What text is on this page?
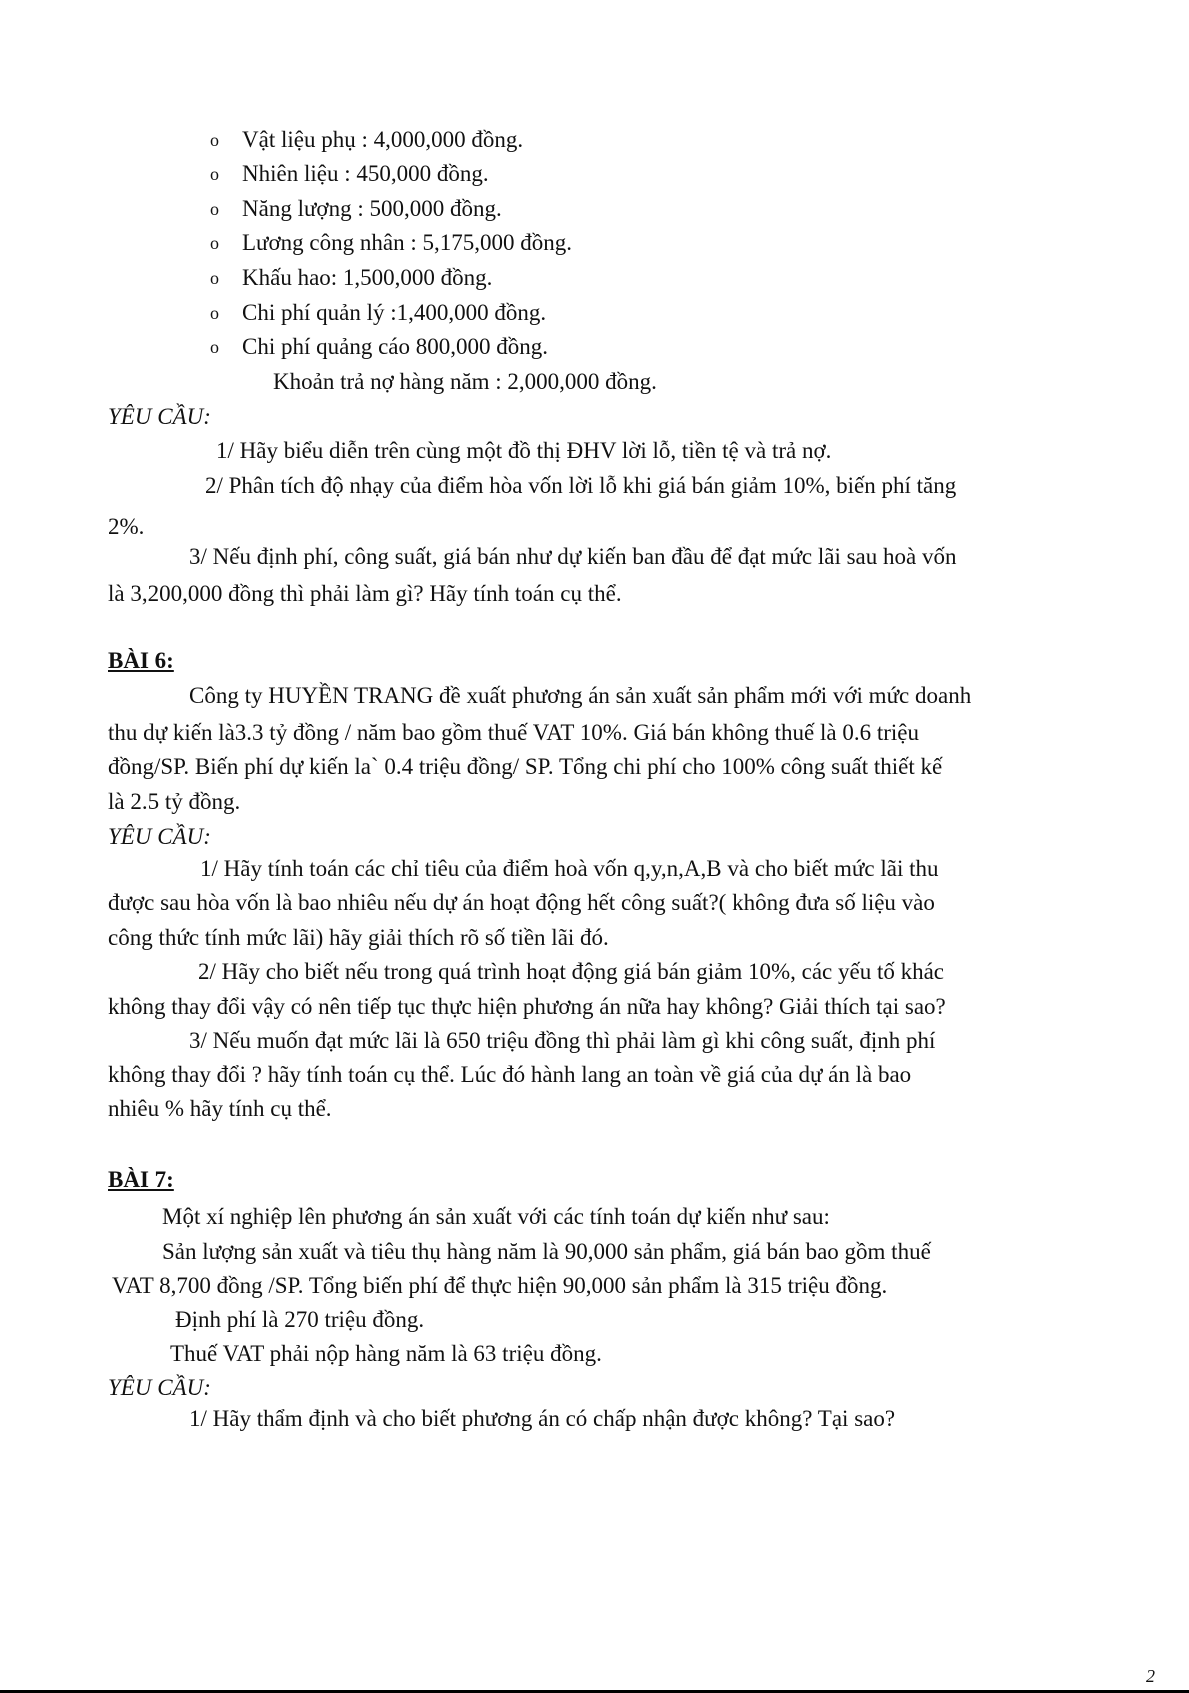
o Vật liệu phụ : 4,000,000 đồng.
o Nhiên liệu : 450,000 đồng.
o Năng lượng : 500,000 đồng.
o Lương công nhân : 5,175,000 đồng.
o Khấu hao: 1,500,000 đồng.
o Chi phí quản lý :1,400,000 đồng.
o Chi phí quảng cáo 800,000 đồng.
Khoản trả nợ hàng năm : 2,000,000 đồng.
YÊU CẦU:
1/ Hãy biểu diễn trên cùng một đồ thị ĐHV lời lỗ, tiền tệ và trả nợ.
2/ Phân tích độ nhạy của điểm hòa vốn lời lỗ khi giá bán giảm 10%, biến phí tăng
2%.
3/ Nếu định phí, công suất, giá bán như dự kiến ban đầu để đạt mức lãi sau hoà vốn
là 3,200,000 đồng thì phải làm gì? Hãy tính toán cụ thể.
BÀI 6:
Công ty HUYỀN TRANG đề xuất phương án sản xuất sản phẩm mới với mức doanh
thu dự kiến là3.3 tỷ đồng / năm bao gồm thuế VAT 10%. Giá bán không thuế là 0.6 triệu
đồng/SP. Biến phí dự kiến la` 0.4 triệu đồng/ SP. Tổng chi phí cho 100% công suất thiết kế
là 2.5 tỷ đồng.
YÊU CẦU:
1/ Hãy tính toán các chỉ tiêu của điểm hoà vốn q,y,n,A,B và cho biết mức lãi thu
được sau hòa vốn là bao nhiêu nếu dự án hoạt động hết công suất?( không đưa số liệu vào
công thức tính mức lãi) hãy giải thích rõ số tiền lãi đó.
2/ Hãy cho biết nếu trong quá trình hoạt động giá bán giảm 10%, các yếu tố khác
không thay đổi vậy có nên tiếp tục thực hiện phương án nữa hay không? Giải thích tại sao?
3/ Nếu muốn đạt mức lãi là 650 triệu đồng thì phải làm gì khi công suất, định phí
không thay đổi ? hãy tính toán cụ thể. Lúc đó hành lang an toàn về giá của dự án là bao
nhiêu % hãy tính cụ thể.
BÀI 7:
Một xí nghiệp lên phương án sản xuất với các tính toán dự kiến như sau:
Sản lượng sản xuất và tiêu thụ hàng năm là 90,000 sản phẩm, giá bán bao gồm thuế
VAT 8,700 đồng /SP. Tổng biến phí để thực hiện 90,000 sản phẩm là 315 triệu đồng.
Định phí là 270 triệu đồng.
Thuế VAT phải nộp hàng năm là 63 triệu đồng.
YÊU CẦU:
1/ Hãy thẩm định và cho biết phương án có chấp nhận được không? Tại sao?
2
